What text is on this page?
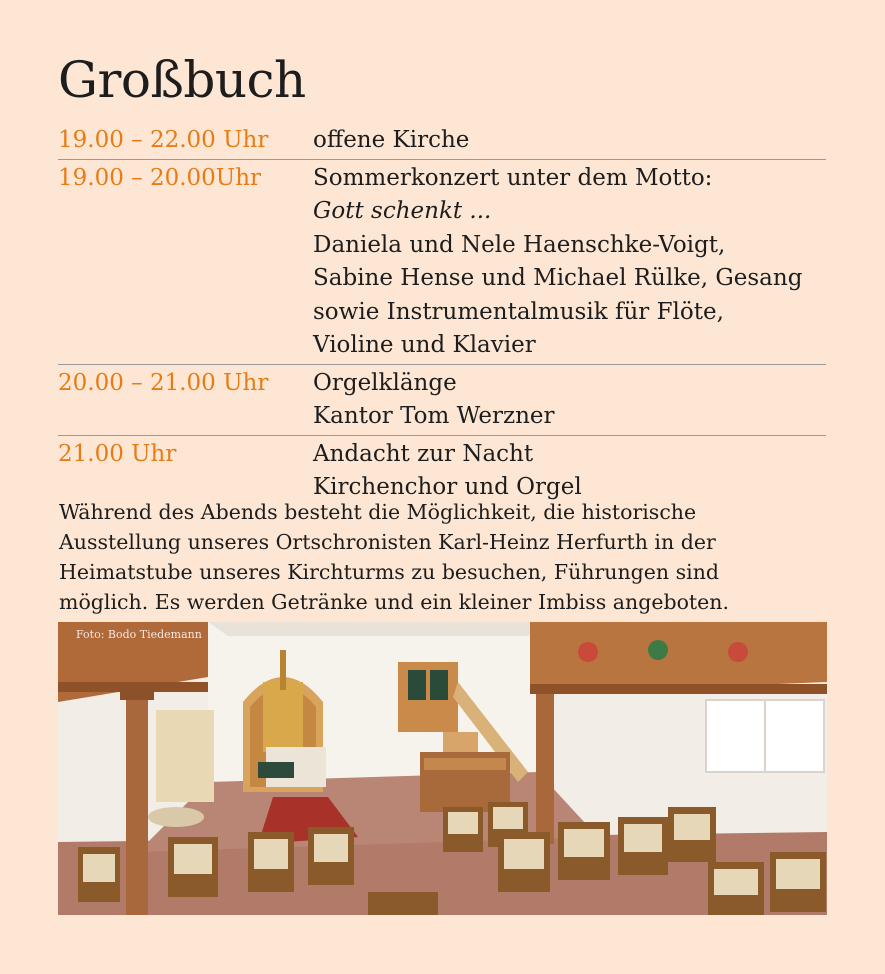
Großbuch
19.00 – 22.00 Uhr	offene Kirche
19.00 – 20.00Uhr	Sommerkonzert unter dem Motto:
Gott schenkt ...
Daniela und Nele Haenschke-Voigt,
Sabine Hense und Michael Rülke, Gesang
sowie Instrumentalmusik für Flöte,
Violine und Klavier
20.00 – 21.00 Uhr	Orgelklänge
Kantor Tom Werzner
21.00 Uhr	Andacht zur Nacht
Kirchenchor und Orgel
Während des Abends besteht die Möglichkeit, die historische
Ausstellung unseres Ortschronisten Karl-Heinz Herfurth in der
Heimatstube unseres Kirchturms zu besuchen, Führungen sind
möglich. Es werden Getränke und ein kleiner Imbiss angeboten.
Foto: Bodo Tiedemann
